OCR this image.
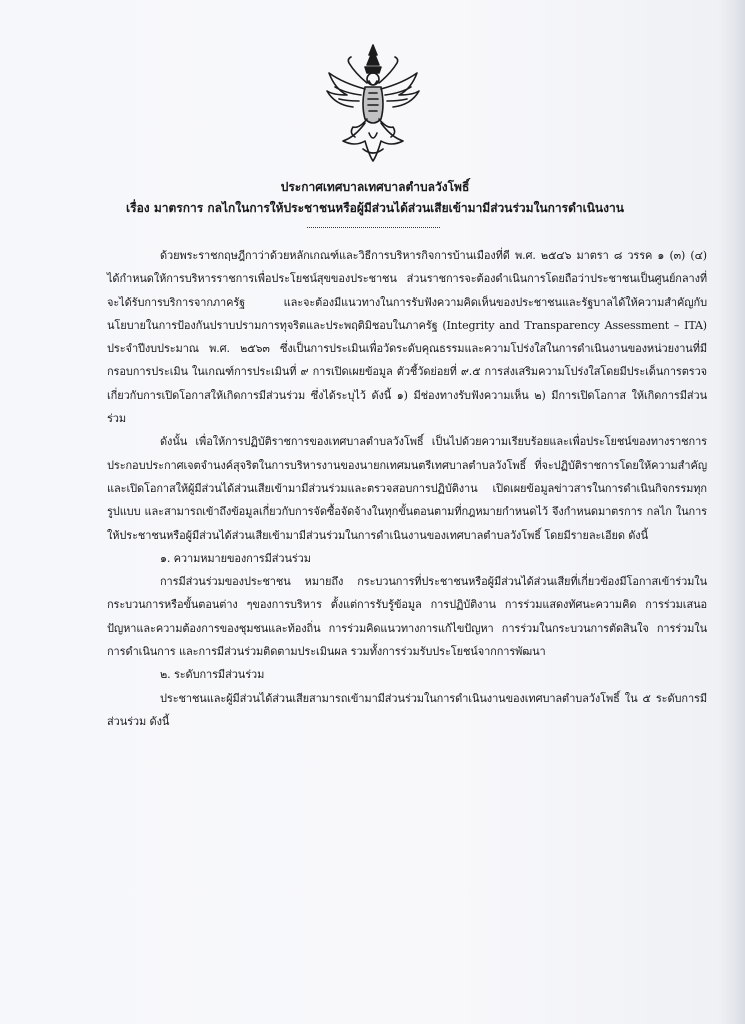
ประกาศเทศบาลเทศบาลตำบลวังโพธิ์
เรื่อง มาตรการ กลไกในการให้ประชาชนหรือผู้มีส่วนได้ส่วนเสียเข้ามามีส่วนร่วมในการดำเนินงาน

ด้วยพระราชกฤษฎีกาว่าด้วยหลักเกณฑ์และวิธีการบริหารกิจการบ้านเมืองที่ดี พ.ศ. ๒๕๔๖ มาตรา ๘ วรรค ๑ (๓) (๔) ได้กำหนดให้การบริหารราชการเพื่อประโยชน์สุขของประชาชน ส่วนราชการจะต้องดำเนินการโดยถือว่าประชาชนเป็นศูนย์กลางที่จะได้รับการบริการจากภาครัฐ และจะต้องมีแนวทางในการรับฟังความคิดเห็นของประชาชนและรัฐบาลได้ให้ความสำคัญกับนโยบายในการป้องกันปราบปรามการทุจริตและประพฤติมิชอบในภาครัฐ (Integrity and Transparency Assessment – ITA) ประจำปีงบประมาณ พ.ศ. ๒๕๖๓ ซึ่งเป็นการประเมินเพื่อวัดระดับคุณธรรมและความโปร่งใสในการดำเนินงานของหน่วยงานที่มีกรอบการประเมิน ในเกณฑ์การประเมินที่ ๙ การเปิดเผยข้อมูล ตัวชี้วัดย่อยที่ ๙.๕ การส่งเสริมความโปร่งใสโดยมีประเด็นการตรวจ เกี่ยวกับการเปิดโอกาสให้เกิดการมีส่วนร่วม ซึ่งได้ระบุไว้ ดังนี้ ๑) มีช่องทางรับฟังความเห็น ๒) มีการเปิดโอกาส ให้เกิดการมีส่วนร่วม

ดังนั้น เพื่อให้การปฏิบัติราชการของเทศบาลตำบลวังโพธิ์ เป็นไปด้วยความเรียบร้อยและเพื่อประโยชน์ของทางราชการ ประกอบประกาศเจตจำนงค์สุจริตในการบริหารงานของนายกเทศมนตรีเทศบาลตำบลวังโพธิ์ ที่จะปฏิบัติราชการโดยให้ความสำคัญและเปิดโอกาสให้ผู้มีส่วนได้ส่วนเสียเข้ามามีส่วนร่วมและตรวจสอบการปฏิบัติงาน เปิดเผยข้อมูลข่าวสารในการดำเนินกิจกรรมทุกรูปแบบ และสามารถเข้าถึงข้อมูลเกี่ยวกับการจัดซื้อจัดจ้างในทุกขั้นตอนตามที่กฎหมายกำหนดไว้ จึงกำหนดมาตรการ กลไก ในการให้ประชาชนหรือผู้มีส่วนได้ส่วนเสียเข้ามามีส่วนร่วมในการดำเนินงานของเทศบาลตำบลวังโพธิ์ โดยมีรายละเอียด ดังนี้

๑. ความหมายของการมีส่วนร่วม

การมีส่วนร่วมของประชาชน หมายถึง กระบวนการที่ประชาชนหรือผู้มีส่วนได้ส่วนเสียที่เกี่ยวข้องมีโอกาสเข้าร่วมในกระบวนการหรือขั้นตอนต่าง ๆของการบริหาร ตั้งแต่การรับรู้ข้อมูล การปฏิบัติงาน การร่วมแสดงทัศนะความคิด การร่วมเสนอปัญหาและความต้องการของชุมชนและท้องถิ่น การร่วมคิดแนวทางการแก้ไขปัญหา การร่วมในกระบวนการตัดสินใจ การร่วมในการดำเนินการ และการมีส่วนร่วมติดตามประเมินผล รวมทั้งการร่วมรับประโยชน์จากการพัฒนา

๒. ระดับการมีส่วนร่วม

ประชาชนและผู้มีส่วนได้ส่วนเสียสามารถเข้ามามีส่วนร่วมในการดำเนินงานของเทศบาลตำบลวังโพธิ์ ใน ๕ ระดับการมีส่วนร่วม ดังนี้
